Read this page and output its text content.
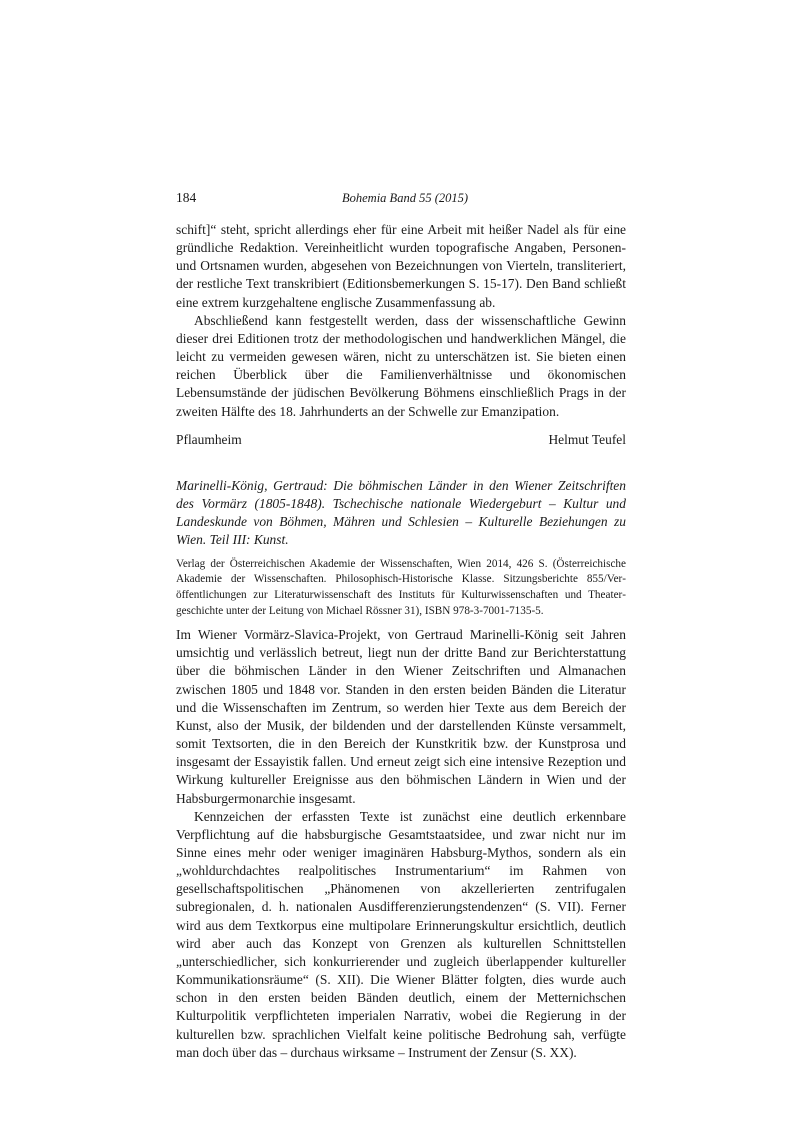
184	Bohemia Band 55 (2015)

schift]“ steht, spricht allerdings eher für eine Arbeit mit heißer Nadel als für eine gründliche Redaktion. Vereinheitlicht wurden topografische Angaben, Personen- und Ortsnamen wurden, abgesehen von Bezeichnungen von Vierteln, transliteriert, der restliche Text transkribiert (Editionsbemerkungen S. 15-17). Den Band schließt eine extrem kurzgehaltene englische Zusammenfassung ab.

Abschließend kann festgestellt werden, dass der wissenschaftliche Gewinn dieser drei Editionen trotz der methodologischen und handwerklichen Mängel, die leicht zu vermeiden gewesen wären, nicht zu unterschätzen ist. Sie bieten einen reichen Überblick über die Familienverhältnisse und ökonomischen Lebensumstände der jüdischen Bevölkerung Böhmens einschließlich Prags in der zweiten Hälfte des 18. Jahrhunderts an der Schwelle zur Emanzipation.

Pflaumheim	Helmut Teufel
Marinelli-König, Gertraud: Die böhmischen Länder in den Wiener Zeitschriften des Vormärz (1805-1848). Tschechische nationale Wiedergeburt – Kultur und Landeskunde von Böhmen, Mähren und Schlesien – Kulturelle Beziehungen zu Wien. Teil III: Kunst.
Verlag der Österreichischen Akademie der Wissenschaften, Wien 2014, 426 S. (Österreichische Akademie der Wissenschaften. Philosophisch-Historische Klasse. Sitzungsberichte 855/Veröffentlichungen zur Literaturwissenschaft des Instituts für Kulturwissenschaften und Theatergeschichte unter der Leitung von Michael Rössner 31), ISBN 978-3-7001-7135-5.

Im Wiener Vormärz-Slavica-Projekt, von Gertraud Marinelli-König seit Jahren umsichtig und verlässlich betreut, liegt nun der dritte Band zur Berichterstattung über die böhmischen Länder in den Wiener Zeitschriften und Almanachen zwischen 1805 und 1848 vor. Standen in den ersten beiden Bänden die Literatur und die Wissenschaften im Zentrum, so werden hier Texte aus dem Bereich der Kunst, also der Musik, der bildenden und der darstellenden Künste versammelt, somit Textsorten, die in den Bereich der Kunstkritik bzw. der Kunstprosa und insgesamt der Essayistik fallen. Und erneut zeigt sich eine intensive Rezeption und Wirkung kultureller Ereignisse aus den böhmischen Ländern in Wien und der Habsburgermonarchie insgesamt.

Kennzeichen der erfassten Texte ist zunächst eine deutlich erkennbare Verpflichtung auf die habsburgische Gesamtstaatsidee, und zwar nicht nur im Sinne eines mehr oder weniger imaginären Habsburg-Mythos, sondern als ein „wohldurchdachtes realpolitisches Instrumentarium“ im Rahmen von gesellschaftspolitischen „Phänomenen von akzellerierten zentrifugalen subregionalen, d. h. nationalen Ausdifferenzierungstendenzen“ (S. VII). Ferner wird aus dem Textkorpus eine multipolare Erinnerungskultur ersichtlich, deutlich wird aber auch das Konzept von Grenzen als kulturellen Schnittstellen „unterschiedlicher, sich konkurrierender und zugleich überlappender kultureller Kommunikationsräume“ (S. XII). Die Wiener Blätter folgten, dies wurde auch schon in den ersten beiden Bänden deutlich, einem der Metternichschen Kulturpolitik verpflichteten imperialen Narrativ, wobei die Regierung in der kulturellen bzw. sprachlichen Vielfalt keine politische Bedrohung sah, verfügte man doch über das – durchaus wirksame – Instrument der Zensur (S. XX).
